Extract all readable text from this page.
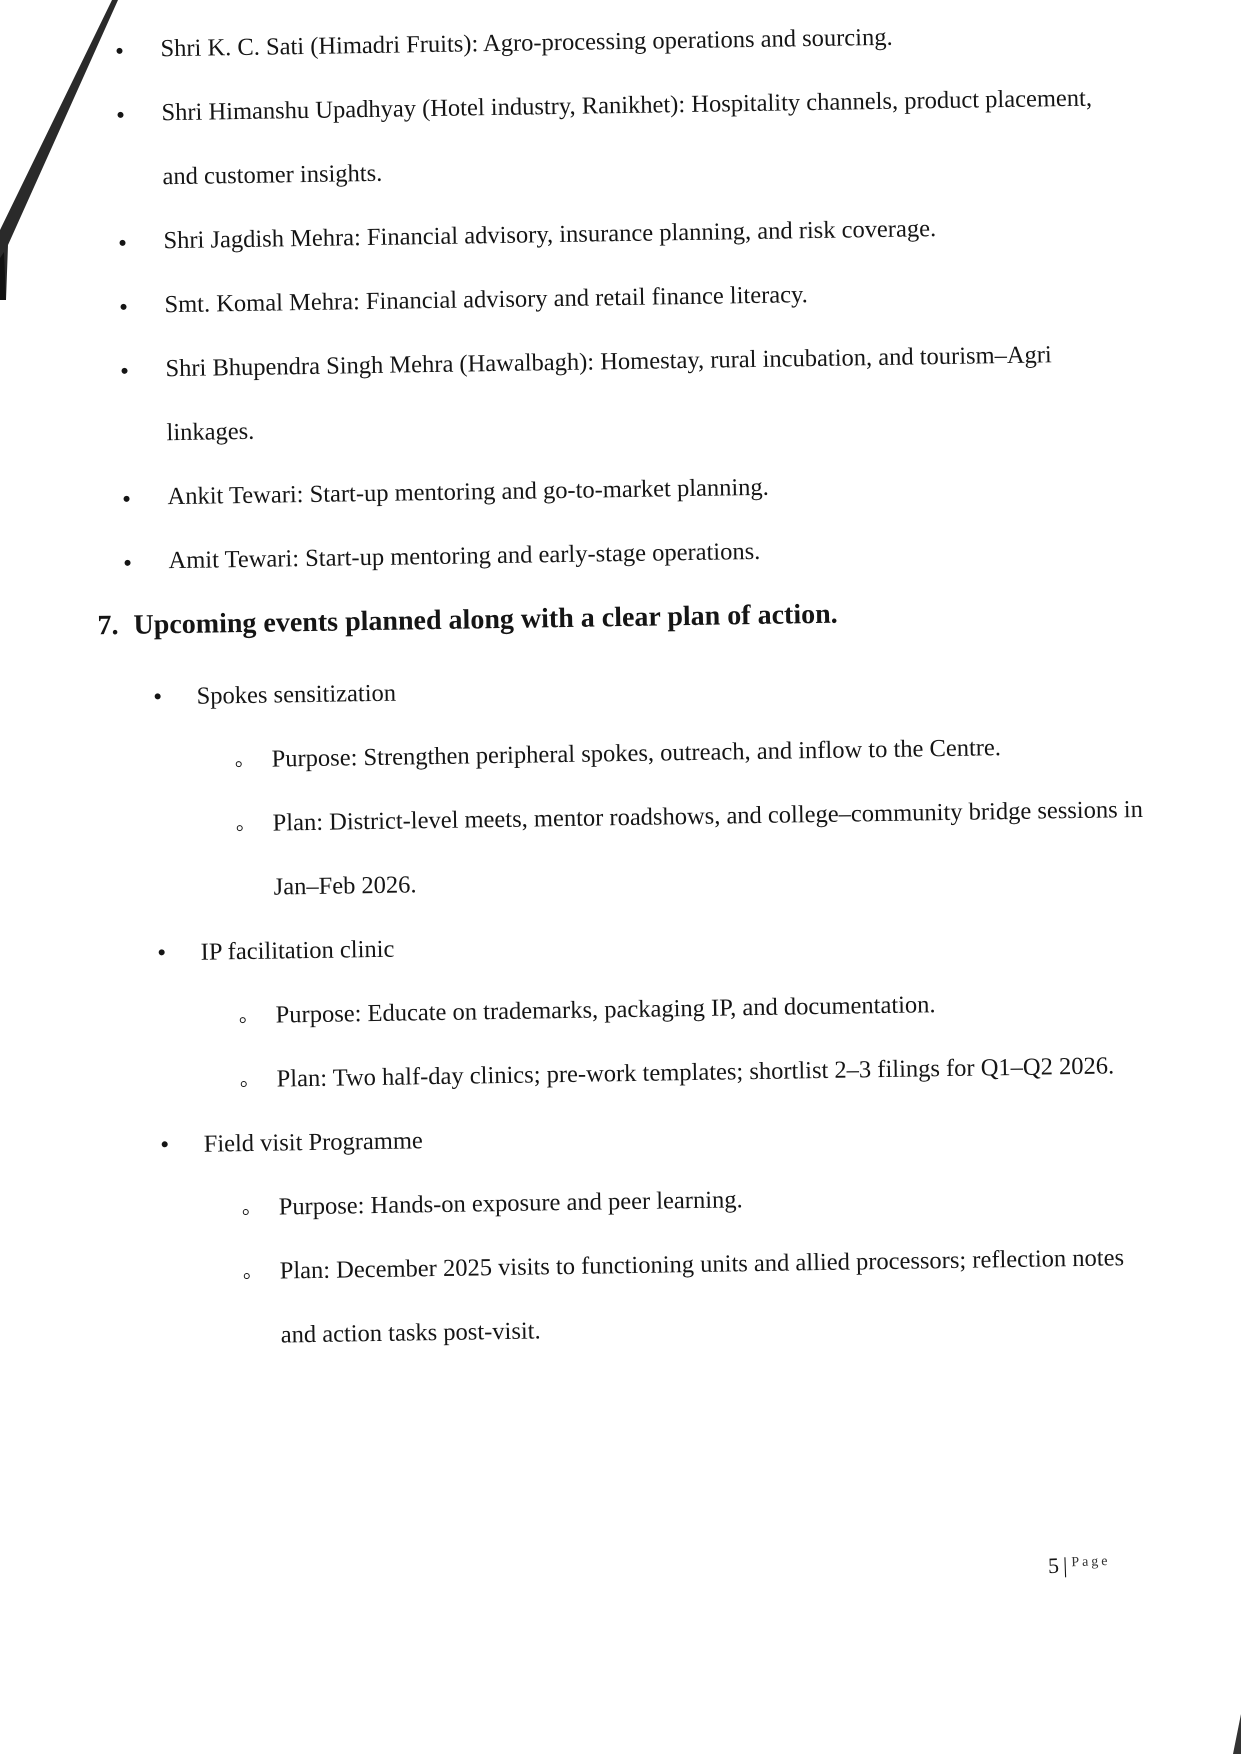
Shri K. C. Sati (Himadri Fruits): Agro-processing operations and sourcing.
Shri Himanshu Upadhyay (Hotel industry, Ranikhet): Hospitality channels, product placement, and customer insights.
Shri Jagdish Mehra: Financial advisory, insurance planning, and risk coverage.
Smt. Komal Mehra: Financial advisory and retail finance literacy.
Shri Bhupendra Singh Mehra (Hawalbagh): Homestay, rural incubation, and tourism–Agri linkages.
Ankit Tewari: Start-up mentoring and go-to-market planning.
Amit Tewari: Start-up mentoring and early-stage operations.
7. Upcoming events planned along with a clear plan of action.
Spokes sensitization
Purpose: Strengthen peripheral spokes, outreach, and inflow to the Centre.
Plan: District-level meets, mentor roadshows, and college–community bridge sessions in Jan–Feb 2026.
IP facilitation clinic
Purpose: Educate on trademarks, packaging IP, and documentation.
Plan: Two half-day clinics; pre-work templates; shortlist 2–3 filings for Q1–Q2 2026.
Field visit Programme
Purpose: Hands-on exposure and peer learning.
Plan: December 2025 visits to functioning units and allied processors; reflection notes and action tasks post-visit.
5 | Page
